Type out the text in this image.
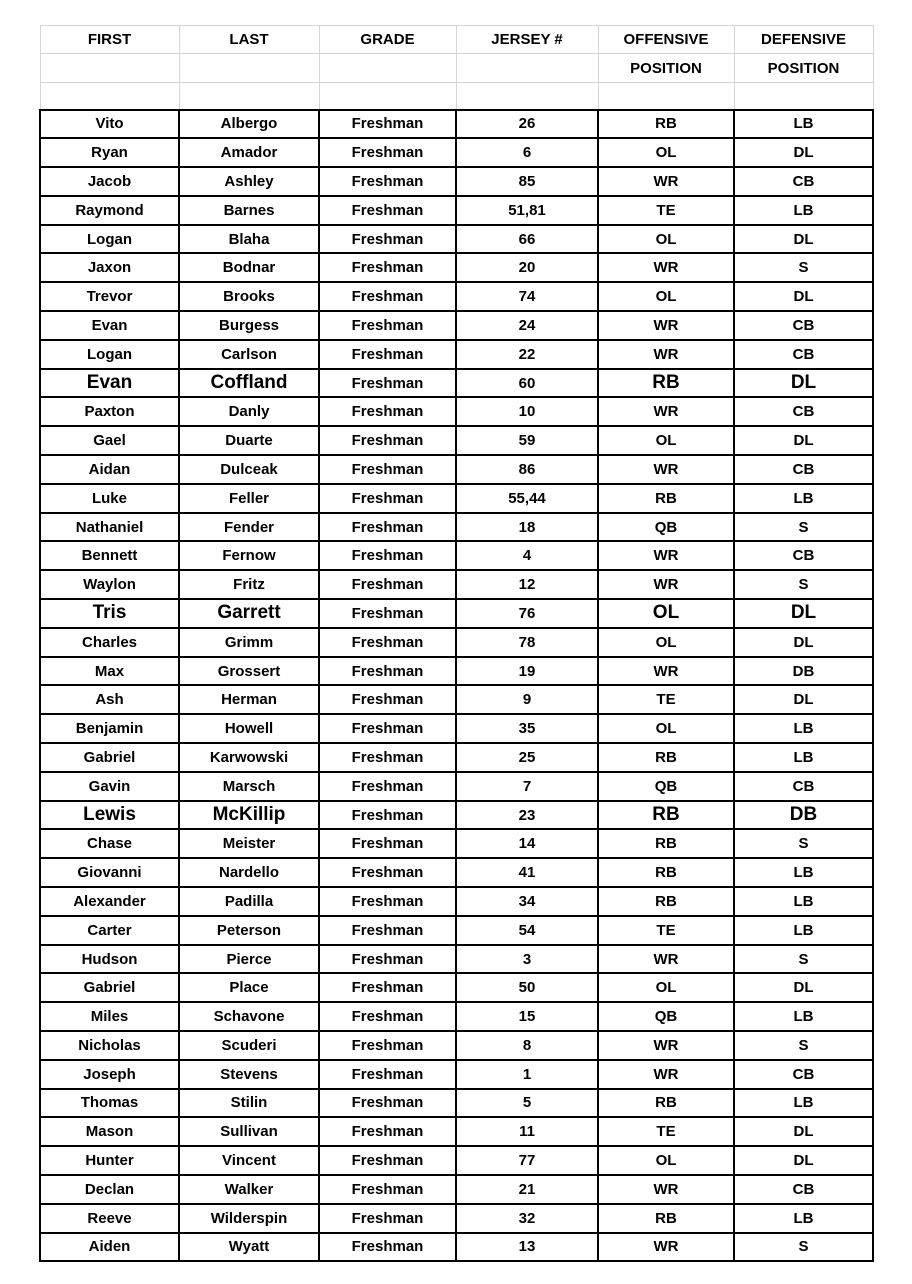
FIRST	LAST	GRADE	JERSEY #	OFFENSIVE	DEFENSIVE
				POSITION	POSITION

Vito	Albergo	Freshman	26	RB	LB
Ryan	Amador	Freshman	6	OL	DL
Jacob	Ashley	Freshman	85	WR	CB
Raymond	Barnes	Freshman	51,81	TE	LB
Logan	Blaha	Freshman	66	OL	DL
Jaxon	Bodnar	Freshman	20	WR	S
Trevor	Brooks	Freshman	74	OL	DL
Evan	Burgess	Freshman	24	WR	CB
Logan	Carlson	Freshman	22	WR	CB
Evan	Coffland	Freshman	60	RB	DL
Paxton	Danly	Freshman	10	WR	CB
Gael	Duarte	Freshman	59	OL	DL
Aidan	Dulceak	Freshman	86	WR	CB
Luke	Feller	Freshman	55,44	RB	LB
Nathaniel	Fender	Freshman	18	QB	S
Bennett	Fernow	Freshman	4	WR	CB
Waylon	Fritz	Freshman	12	WR	S
Tris	Garrett	Freshman	76	OL	DL
Charles	Grimm	Freshman	78	OL	DL
Max	Grossert	Freshman	19	WR	DB
Ash	Herman	Freshman	9	TE	DL
Benjamin	Howell	Freshman	35	OL	LB
Gabriel	Karwowski	Freshman	25	RB	LB
Gavin	Marsch	Freshman	7	QB	CB
Lewis	McKillip	Freshman	23	RB	DB
Chase	Meister	Freshman	14	RB	S
Giovanni	Nardello	Freshman	41	RB	LB
Alexander	Padilla	Freshman	34	RB	LB
Carter	Peterson	Freshman	54	TE	LB
Hudson	Pierce	Freshman	3	WR	S
Gabriel	Place	Freshman	50	OL	DL
Miles	Schavone	Freshman	15	QB	LB
Nicholas	Scuderi	Freshman	8	WR	S
Joseph	Stevens	Freshman	1	WR	CB
Thomas	Stilin	Freshman	5	RB	LB
Mason	Sullivan	Freshman	11	TE	DL
Hunter	Vincent	Freshman	77	OL	DL
Declan	Walker	Freshman	21	WR	CB
Reeve	Wilderspin	Freshman	32	RB	LB
Aiden	Wyatt	Freshman	13	WR	S
